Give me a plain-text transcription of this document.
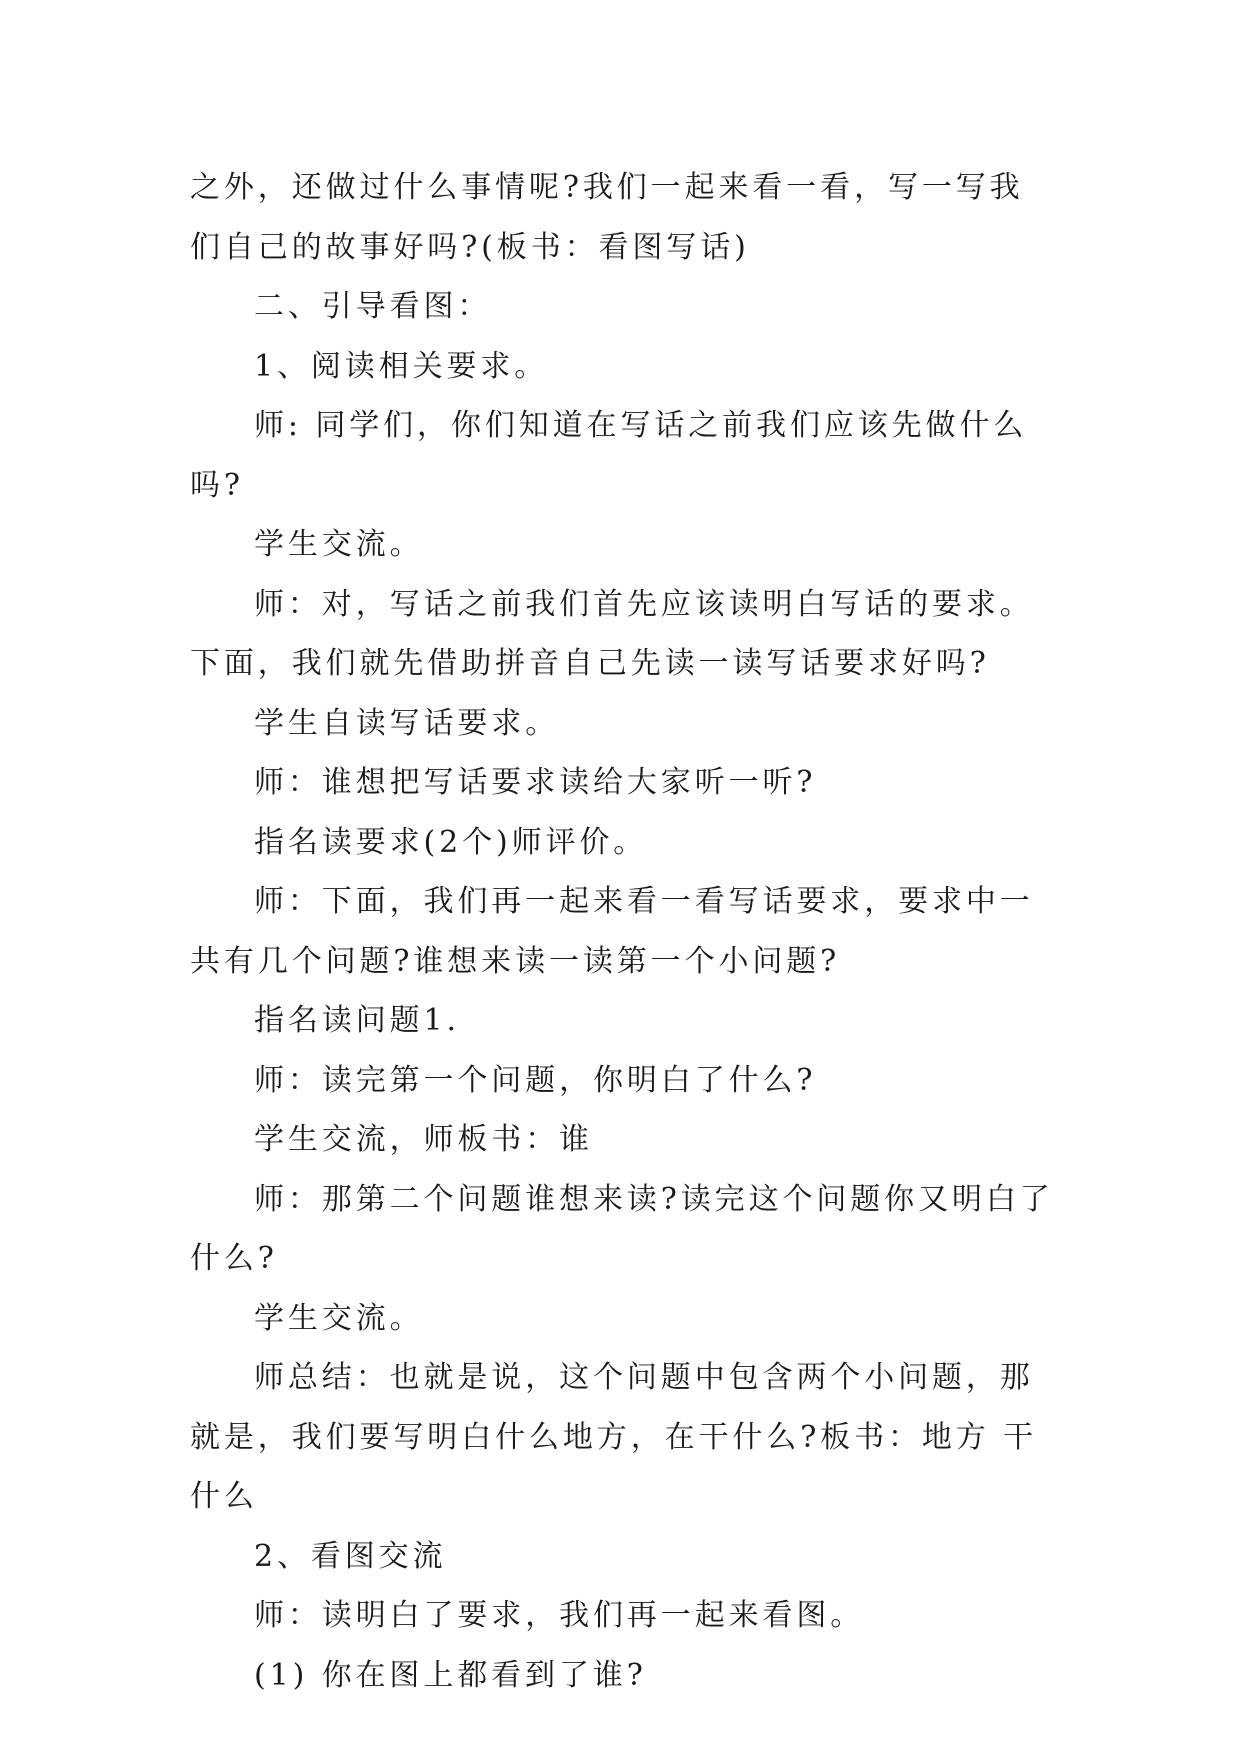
之外，还做过什么事情呢?我们一起来看一看，写一写我们自己的故事好吗?(板书：看图写话)

二、引导看图：

1、阅读相关要求。

师: 同学们，你们知道在写话之前我们应该先做什么吗?

学生交流。

师：对，写话之前我们首先应该读明白写话的要求。下面，我们就先借助拼音自己先读一读写话要求好吗?

学生自读写话要求。

师：谁想把写话要求读给大家听一听?

指名读要求(2个)师评价。

师：下面，我们再一起来看一看写话要求，要求中一共有几个问题?谁想来读一读第一个小问题?

指名读问题1.

师：读完第一个问题，你明白了什么?

学生交流，师板书：谁

师：那第二个问题谁想来读?读完这个问题你又明白了什么?

学生交流。

师总结：也就是说，这个问题中包含两个小问题，那就是，我们要写明白什么地方，在干什么?板书：地方 干什么

2、看图交流

师：读明白了要求，我们再一起来看图。

(1) 你在图上都看到了谁?
